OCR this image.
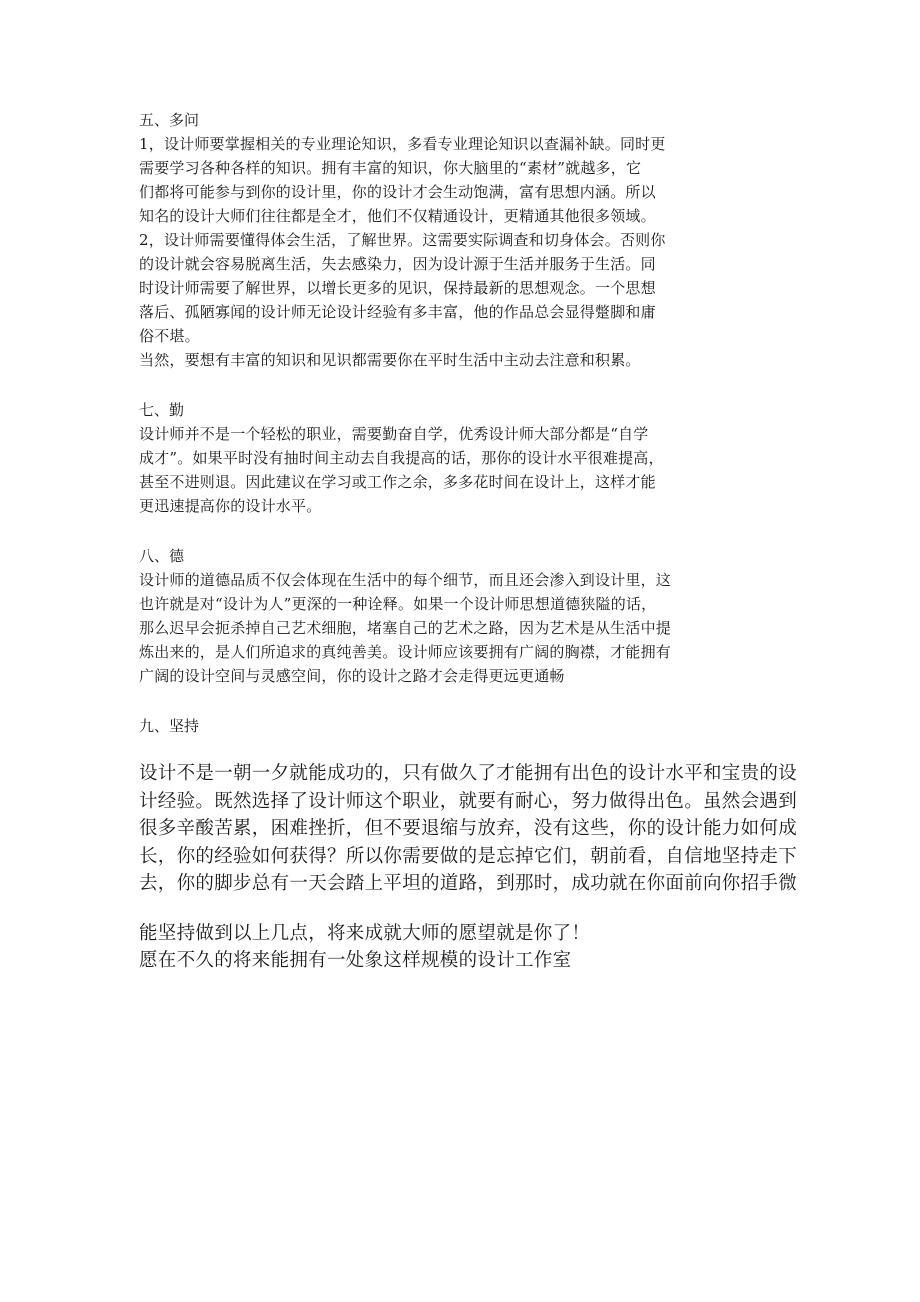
五、多问
1，设计师要掌握相关的专业理论知识，多看专业理论知识以查漏补缺。同时更
需要学习各种各样的知识。拥有丰富的知识，你大脑里的“素材”就越多，它
们都将可能参与到你的设计里，你的设计才会生动饱满，富有思想内涵。所以
知名的设计大师们往往都是全才，他们不仅精通设计，更精通其他很多领域。
2，设计师需要懂得体会生活，了解世界。这需要实际调查和切身体会。否则你
的设计就会容易脱离生活，失去感染力，因为设计源于生活并服务于生活。同
时设计师需要了解世界，以增长更多的见识，保持最新的思想观念。一个思想
落后、孤陋寡闻的设计师无论设计经验有多丰富，他的作品总会显得蹩脚和庸
俗不堪。
当然，要想有丰富的知识和见识都需要你在平时生活中主动去注意和积累。
七、勤
设计师并不是一个轻松的职业，需要勤奋自学，优秀设计师大部分都是“自学
成才”。如果平时没有抽时间主动去自我提高的话，那你的设计水平很难提高，
甚至不进则退。因此建议在学习或工作之余，多多花时间在设计上，这样才能
更迅速提高你的设计水平。
八、德
设计师的道德品质不仅会体现在生活中的每个细节，而且还会渗入到设计里，这
也许就是对“设计为人”更深的一种诠释。如果一个设计师思想道德狭隘的话，
那么迟早会扼杀掉自己艺术细胞，堵塞自己的艺术之路，因为艺术是从生活中提
炼出来的，是人们所追求的真纯善美。设计师应该要拥有广阔的胸襟，才能拥有
广阔的设计空间与灵感空间，你的设计之路才会走得更远更通畅
九、坚持
设计不是一朝一夕就能成功的，只有做久了才能拥有出色的设计水平和宝贵的设
计经验。既然选择了设计师这个职业，就要有耐心，努力做得出色。虽然会遇到
很多辛酸苦累，困难挫折，但不要退缩与放弃，没有这些，你的设计能力如何成
长，你的经验如何获得？所以你需要做的是忘掉它们，朝前看，自信地坚持走下
去，你的脚步总有一天会踏上平坦的道路，到那时，成功就在你面前向你招手微
能坚持做到以上几点，将来成就大师的愿望就是你了！
愿在不久的将来能拥有一处象这样规模的设计工作室
